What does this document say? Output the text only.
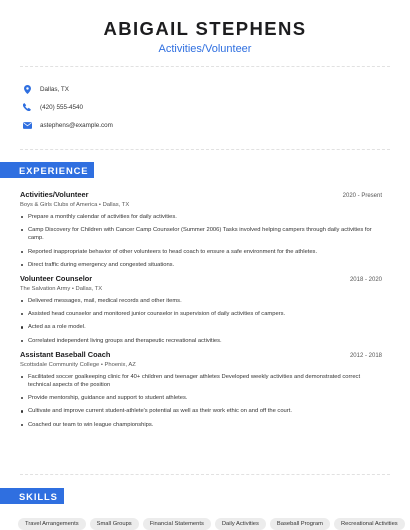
ABIGAIL STEPHENS
Activities/Volunteer
Dallas, TX
(420) 555-4540
astephens@example.com
EXPERIENCE
Activities/Volunteer	2020 - Present
Boys & Girls Clubs of America • Dallas, TX
Prepare a monthly calendar of activities for daily activities.
Camp Discovery for Children with Cancer Camp Counselor (Summer 2006) Tasks involved helping campers through daily activities for camp.
Reported inappropriate behavior of other volunteers to head coach to ensure a safe environment for the athletes.
Direct traffic during emergency and congested situations.
Volunteer Counselor	2018 - 2020
The Salvation Army • Dallas, TX
Delivered messages, mail, medical records and other items.
Assisted head counselor and monitored junior counselor in supervision of daily activities of campers.
Acted as a role model.
Correlated independent living groups and therapeutic recreational activities.
Assistant Baseball Coach	2012 - 2018
Scottsdale Community College • Phoenix, AZ
Facilitated soccer goalkeeping clinic for 40+ children and teenager athletes Developed weekly activities and demonstrated correct technical aspects of the position
Provide mentorship, guidance and support to student athletes.
Cultivate and improve current student-athlete's potential as well as their work ethic on and off the court.
Coached our team to win league championships.
SKILLS
Travel Arrangements	Small Groups	Financial Statements	Daily Activities	Baseball Program	Recreational Activities
